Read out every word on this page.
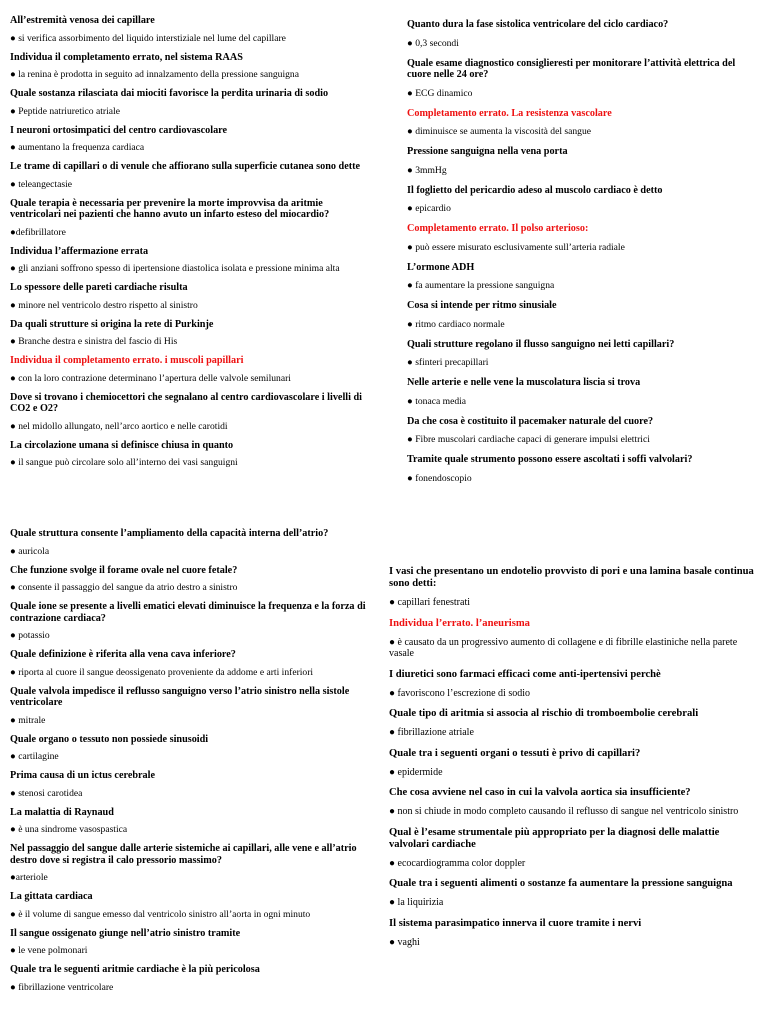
All’estremità venosa dei capillare

● si verifica assorbimento del liquido interstiziale nel lume del capillare

Individua il completamento errato, nel sistema RAAS

● la renina è prodotta in seguito ad innalzamento della pressione sanguigna

Quale sostanza rilasciata dai miociti favorisce la perdita urinaria di sodio

● Peptide natriuretico atriale

I neuroni ortosimpatici del centro cardiovascolare

● aumentano la frequenza cardiaca

Le trame di capillari o di venule che affiorano sulla superficie cutanea sono dette

● teleangectasie

Quale terapia è necessaria per prevenire la morte improvvisa da aritmie ventricolari nei pazienti che hanno avuto un infarto esteso del miocardio?

●defibrillatore

Individua l’affermazione errata

● gli anziani soffrono spesso di ipertensione diastolica isolata e pressione minima alta

Lo spessore delle pareti cardiache risulta

● minore nel ventricolo destro rispetto al sinistro

Da quali strutture si origina la rete di Purkinje

● Branche destra e sinistra del fascio di His

Individua il completamento errato. i muscoli papillari

● con la loro contrazione determinano l’apertura delle valvole semilunari

Dove si trovano i chemiocettori che segnalano al centro cardiovascolare i livelli di CO2 e O2?

● nel midollo allungato, nell’arco aortico e nelle carotidi

La circolazione umana si definisce chiusa in quanto

● il sangue può circolare solo all’interno dei vasi sanguigni

Quanto dura la fase sistolica ventricolare del ciclo cardiaco?

● 0,3 secondi

Quale esame diagnostico consiglieresti per monitorare l’attività elettrica del cuore nelle 24 ore?

● ECG dinamico

Completamento errato. La resistenza vascolare

● diminuisce se aumenta la viscosità del sangue

Pressione sanguigna nella vena porta

● 3mmHg

Il foglietto del pericardio adeso al muscolo cardiaco è detto

● epicardio

Completamento errato. Il polso arterioso:

● può essere misurato esclusivamente sull’arteria radiale

L’ormone ADH

● fa aumentare la pressione sanguigna

Cosa si intende per ritmo sinusiale

● ritmo cardiaco normale

Quali strutture regolano il flusso sanguigno nei letti capillari?

● sfinteri precapillari

Nelle arterie e nelle vene la muscolatura liscia si trova

● tonaca media

Da che cosa è costituito il pacemaker naturale del cuore?

● Fibre muscolari cardiache capaci di generare impulsi elettrici

Tramite quale strumento possono essere ascoltati i soffi valvolari?

● fonendoscopio

Quale struttura consente l’ampliamento della capacità interna dell’atrio?

● auricola

Che funzione svolge il forame ovale nel cuore fetale?

● consente il passaggio del sangue da atrio destro a sinistro

Quale ione se presente a livelli ematici elevati diminuisce la frequenza e la forza di contrazione cardiaca?

● potassio

Quale definizione è riferita alla vena cava inferiore?

● riporta al cuore il sangue deossigenato proveniente da addome e arti inferiori

Quale valvola impedisce il reflusso sanguigno verso l’atrio sinistro nella sistole ventricolare

● mitrale

Quale organo o tessuto non possiede sinusoidi

● cartilagine

Prima causa di un ictus cerebrale

● stenosi carotidea

La malattia di Raynaud

● è una sindrome vasospastica

Nel passaggio del sangue dalle arterie sistemiche ai capillari, alle vene e all’atrio destro dove si registra il calo pressorio massimo?

●arteriole

La gittata cardiaca

● è il volume di sangue emesso dal ventricolo sinistro all’aorta in ogni minuto

Il sangue ossigenato giunge nell’atrio sinistro tramite

● le vene polmonari

Quale tra le seguenti aritmie cardiache è la più pericolosa

● fibrillazione ventricolare

I vasi che presentano un endotelio provvisto di pori e una lamina basale continua sono detti:

● capillari fenestrati

Individua l’errato. l’aneurisma

● è causato da un progressivo aumento di collagene e di fibrille elastiniche nella parete vasale

I diuretici sono farmaci efficaci come anti-ipertensivi perchè

● favoriscono l’escrezione di sodio

Quale tipo di aritmia si associa al rischio di tromboembolie cerebrali

● fibrillazione atriale

Quale tra i seguenti organi o tessuti è privo di capillari?

● epidermide

Che cosa avviene nel caso in cui la valvola aortica sia insufficiente?

● non si chiude in modo completo causando il reflusso di sangue nel ventricolo sinistro

Qual è l’esame strumentale più appropriato per la diagnosi delle malattie valvolari cardiache

● ecocardiogramma color doppler

Quale tra i seguenti alimenti o sostanze fa aumentare la pressione sanguigna

● la liquirizia

Il sistema parasimpatico innerva il cuore tramite i nervi

● vaghi
